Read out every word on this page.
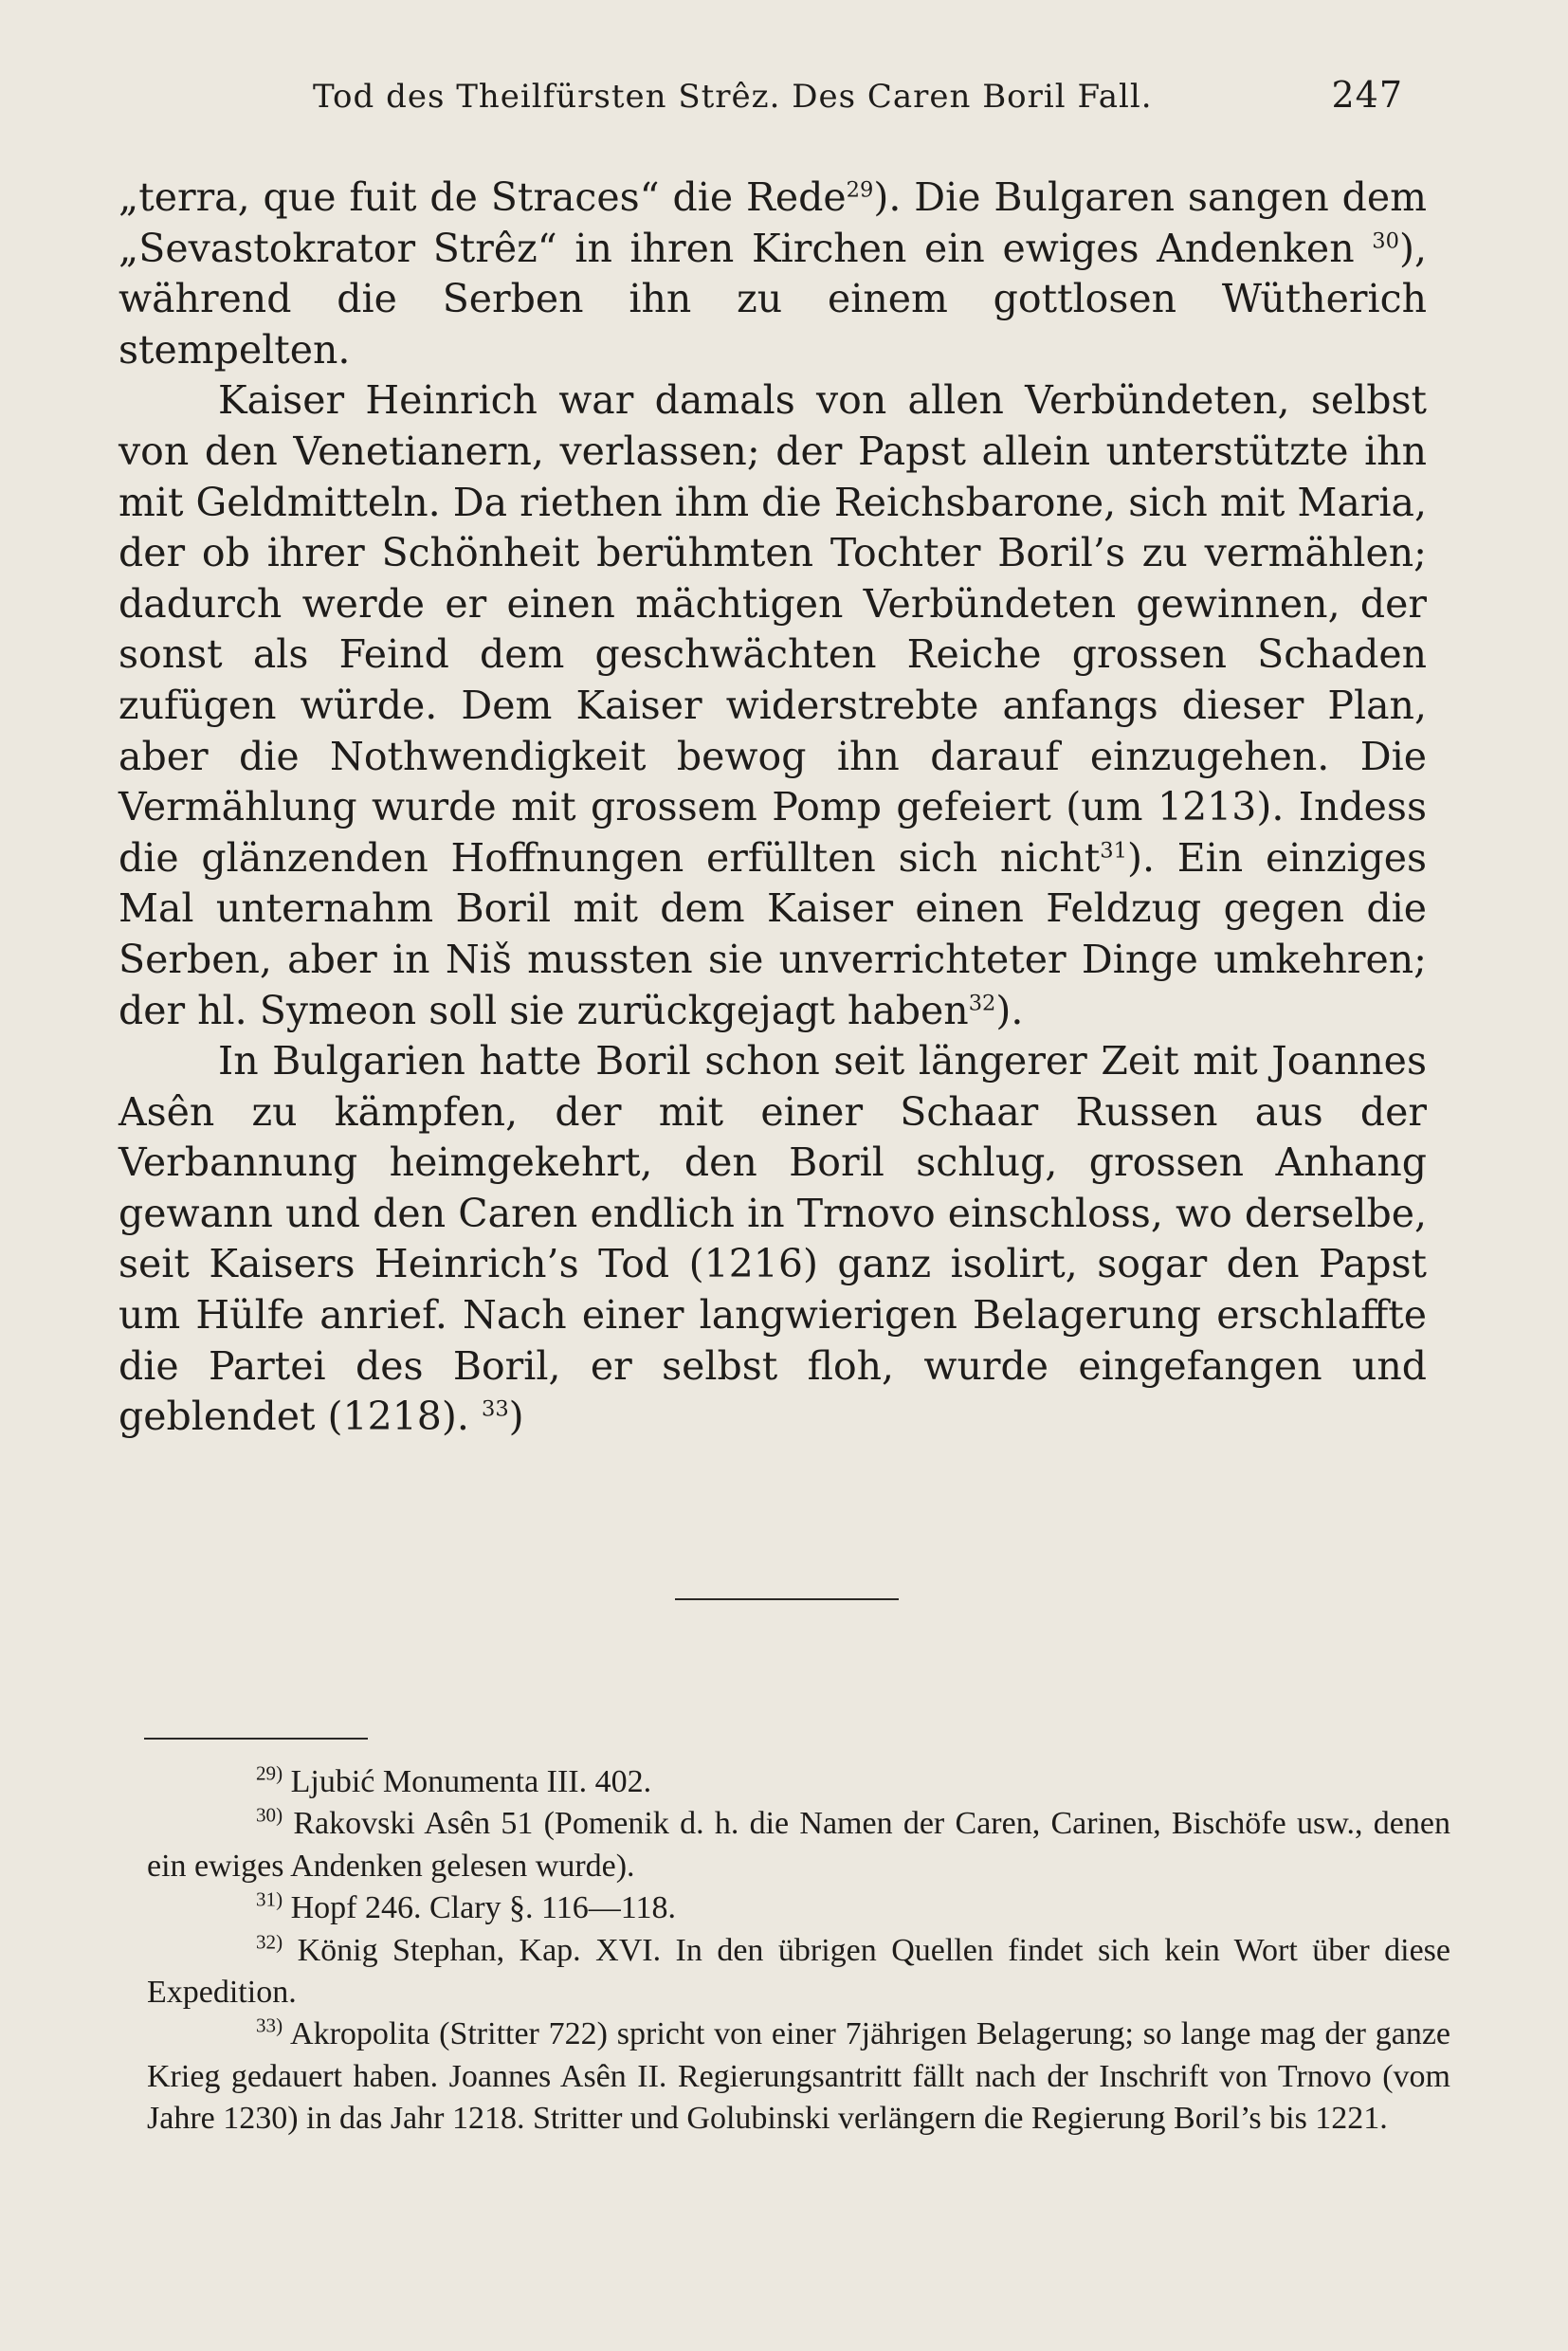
Tod des Theilfürsten Strêz. Des Caren Boril Fall.	247

„terra, que fuit de Straces“ die Rede$^{29}$). Die Bulgaren sangen dem „Sevastokrator Strêz“ in ihren Kirchen ein ewiges Andenken $^{30}$), während die Serben ihn zu einem gottlosen Wütherich stempelten.

Kaiser Heinrich war damals von allen Verbündeten, selbst von den Venetianern, verlassen; der Papst allein unterstützte ihn mit Geldmitteln. Da riethen ihm die Reichsbarone, sich mit Maria, der ob ihrer Schönheit berühmten Tochter Boril’s zu vermählen; dadurch werde er einen mächtigen Verbündeten gewinnen, der sonst als Feind dem geschwächten Reiche grossen Schaden zufügen würde. Dem Kaiser widerstrebte anfangs dieser Plan, aber die Nothwendigkeit bewog ihn darauf einzugehen. Die Vermählung wurde mit grossem Pomp gefeiert (um 1213). Indess die glänzenden Hoffnungen erfüllten sich nicht$^{31}$). Ein einziges Mal unternahm Boril mit dem Kaiser einen Feldzug gegen die Serben, aber in Niš mussten sie unverrichteter Dinge umkehren; der hl. Symeon soll sie zurückgejagt haben$^{32}$).

In Bulgarien hatte Boril schon seit längerer Zeit mit Joannes Asên zu kämpfen, der mit einer Schaar Russen aus der Verbannung heimgekehrt, den Boril schlug, grossen Anhang gewann und den Caren endlich in Trnovo einschloss, wo derselbe, seit Kaisers Heinrich’s Tod (1216) ganz isolirt, sogar den Papst um Hülfe anrief. Nach einer langwierigen Belagerung erschlaffte die Partei des Boril, er selbst floh, wurde eingefangen und geblendet (1218). $^{33}$)

$^{29)}$ Ljubić Monumenta III. 402.

$^{30)}$ Rakovski Asên 51 (Pomenik d. h. die Namen der Caren, Carinen, Bischöfe usw., denen ein ewiges Andenken gelesen wurde).

$^{31)}$ Hopf 246. Clary §. 116—118.

$^{32)}$ König Stephan, Kap. XVI. In den übrigen Quellen findet sich kein Wort über diese Expedition.

$^{33)}$ Akropolita (Stritter 722) spricht von einer 7jährigen Belagerung; so lange mag der ganze Krieg gedauert haben. Joannes Asên II. Regierungsantritt fällt nach der Inschrift von Trnovo (vom Jahre 1230) in das Jahr 1218. Stritter und Golubinski verlängern die Regierung Boril’s bis 1221.
